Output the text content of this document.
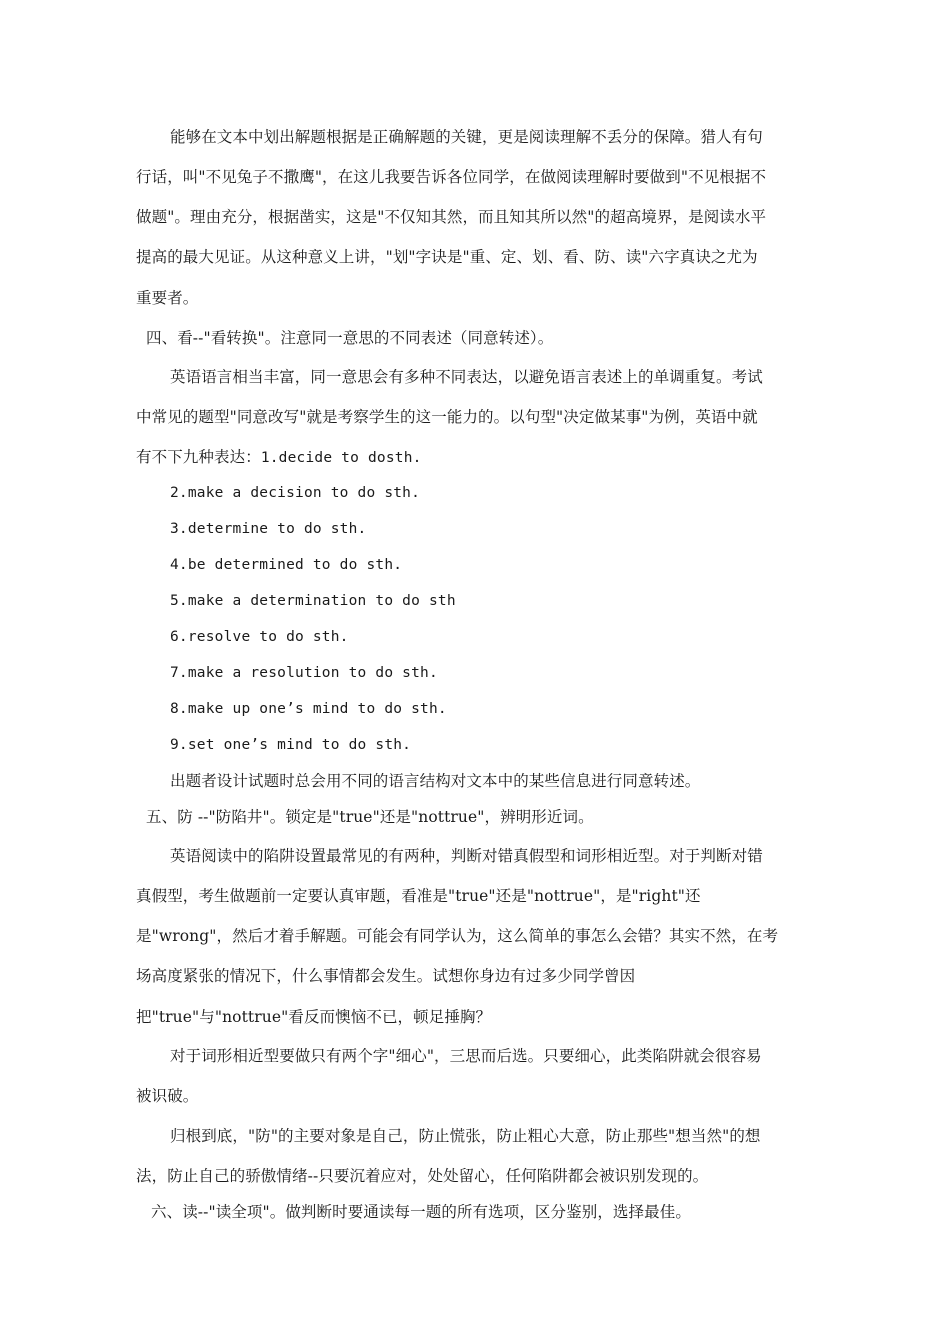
能够在文本中划出解题根据是正确解题的关键，更是阅读理解不丢分的保障。猎人有句
行话，叫"不见兔子不撒鹰"，在这儿我要告诉各位同学，在做阅读理解时要做到"不见根据不
做题"。理由充分，根据凿实，这是"不仅知其然，而且知其所以然"的超高境界，是阅读水平
提高的最大见证。从这种意义上讲，"划"字诀是"重、定、划、看、防、读"六字真诀之尤为
重要者。
四、看--"看转换"。注意同一意思的不同表述（同意转述）。
英语语言相当丰富，同一意思会有多种不同表达，以避免语言表述上的单调重复。考试
中常见的题型"同意改写"就是考察学生的这一能力的。以句型"决定做某事"为例，英语中就
有不下九种表达：1.decide to dosth.
2.make a decision to do sth.
3.determine to do sth.
4.be determined to do sth.
5.make a determination to do sth
6.resolve to do sth.
7.make a resolution to do sth.
8.make up one’s mind to do sth.
9.set one’s mind to do sth.
出题者设计试题时总会用不同的语言结构对文本中的某些信息进行同意转述。
五、防 --"防陷井"。锁定是"true"还是"nottrue"，辨明形近词。
英语阅读中的陷阱设置最常见的有两种，判断对错真假型和词形相近型。对于判断对错
真假型，考生做题前一定要认真审题，看准是"true"还是"nottrue"，是"right"还
是"wrong"，然后才着手解题。可能会有同学认为，这么简单的事怎么会错？其实不然，在考
场高度紧张的情况下，什么事情都会发生。试想你身边有过多少同学曾因
把"true"与"nottrue"看反而懊恼不已，顿足捶胸？
对于词形相近型要做只有两个字"细心"，三思而后选。只要细心，此类陷阱就会很容易
被识破。
归根到底，"防"的主要对象是自己，防止慌张，防止粗心大意，防止那些"想当然"的想
法，防止自己的骄傲情绪--只要沉着应对，处处留心，任何陷阱都会被识别发现的。
六、读--"读全项"。做判断时要通读每一题的所有选项，区分鉴别，选择最佳。
